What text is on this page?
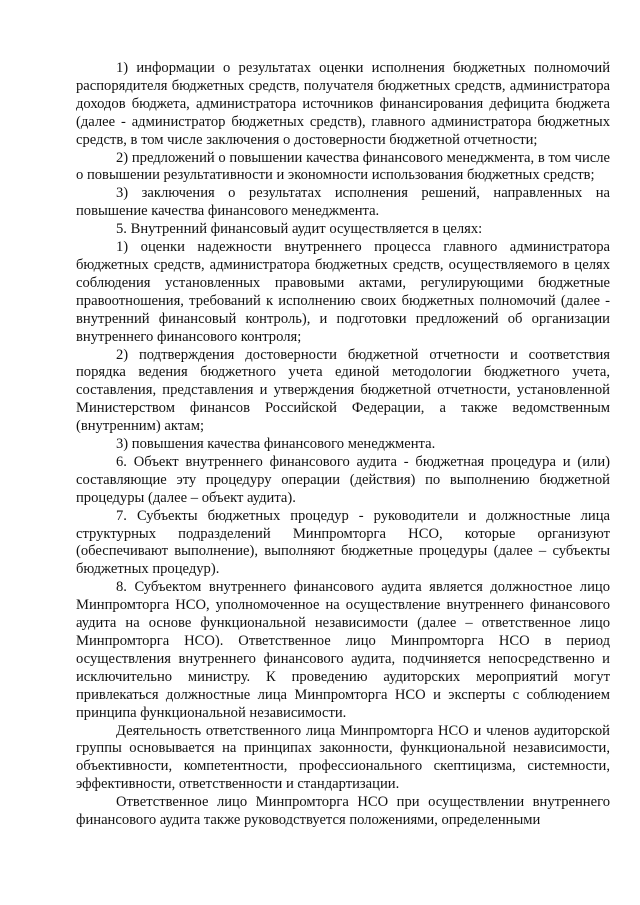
1) информации о результатах оценки исполнения бюджетных полномочий распорядителя бюджетных средств, получателя бюджетных средств, администратора доходов бюджета, администратора источников финансирования дефицита бюджета (далее - администратор бюджетных средств), главного администратора бюджетных средств, в том числе заключения о достоверности бюджетной отчетности;

2) предложений о повышении качества финансового менеджмента, в том числе о повышении результативности и экономности использования бюджетных средств;

3) заключения о результатах исполнения решений, направленных на повышение качества финансового менеджмента.

5. Внутренний финансовый аудит осуществляется в целях:

1) оценки надежности внутреннего процесса главного администратора бюджетных средств, администратора бюджетных средств, осуществляемого в целях соблюдения установленных правовыми актами, регулирующими бюджетные правоотношения, требований к исполнению своих бюджетных полномочий (далее - внутренний финансовый контроль), и подготовки предложений об организации внутреннего финансового контроля;

2) подтверждения достоверности бюджетной отчетности и соответствия порядка ведения бюджетного учета единой методологии бюджетного учета, составления, представления и утверждения бюджетной отчетности, установленной Министерством финансов Российской Федерации, а также ведомственным (внутренним) актам;

3) повышения качества финансового менеджмента.

6. Объект внутреннего финансового аудита - бюджетная процедура и (или) составляющие эту процедуру операции (действия) по выполнению бюджетной процедуры (далее – объект аудита).

7. Субъекты бюджетных процедур - руководители и должностные лица структурных подразделений Минпромторга НСО, которые организуют (обеспечивают выполнение), выполняют бюджетные процедуры (далее – субъекты бюджетных процедур).

8. Субъектом внутреннего финансового аудита является должностное лицо Минпромторга НСО, уполномоченное на осуществление внутреннего финансового аудита на основе функциональной независимости (далее – ответственное лицо Минпромторга НСО). Ответственное лицо Минпромторга НСО в период осуществления внутреннего финансового аудита, подчиняется непосредственно и исключительно министру. К проведению аудиторских мероприятий могут привлекаться должностные лица Минпромторга НСО и эксперты с соблюдением принципа функциональной независимости.

Деятельность ответственного лица Минпромторга НСО и членов аудиторской группы основывается на принципах законности, функциональной независимости, объективности, компетентности, профессионального скептицизма, системности, эффективности, ответственности и стандартизации.

Ответственное лицо Минпромторга НСО при осуществлении внутреннего финансового аудита также руководствуется положениями, определенными
